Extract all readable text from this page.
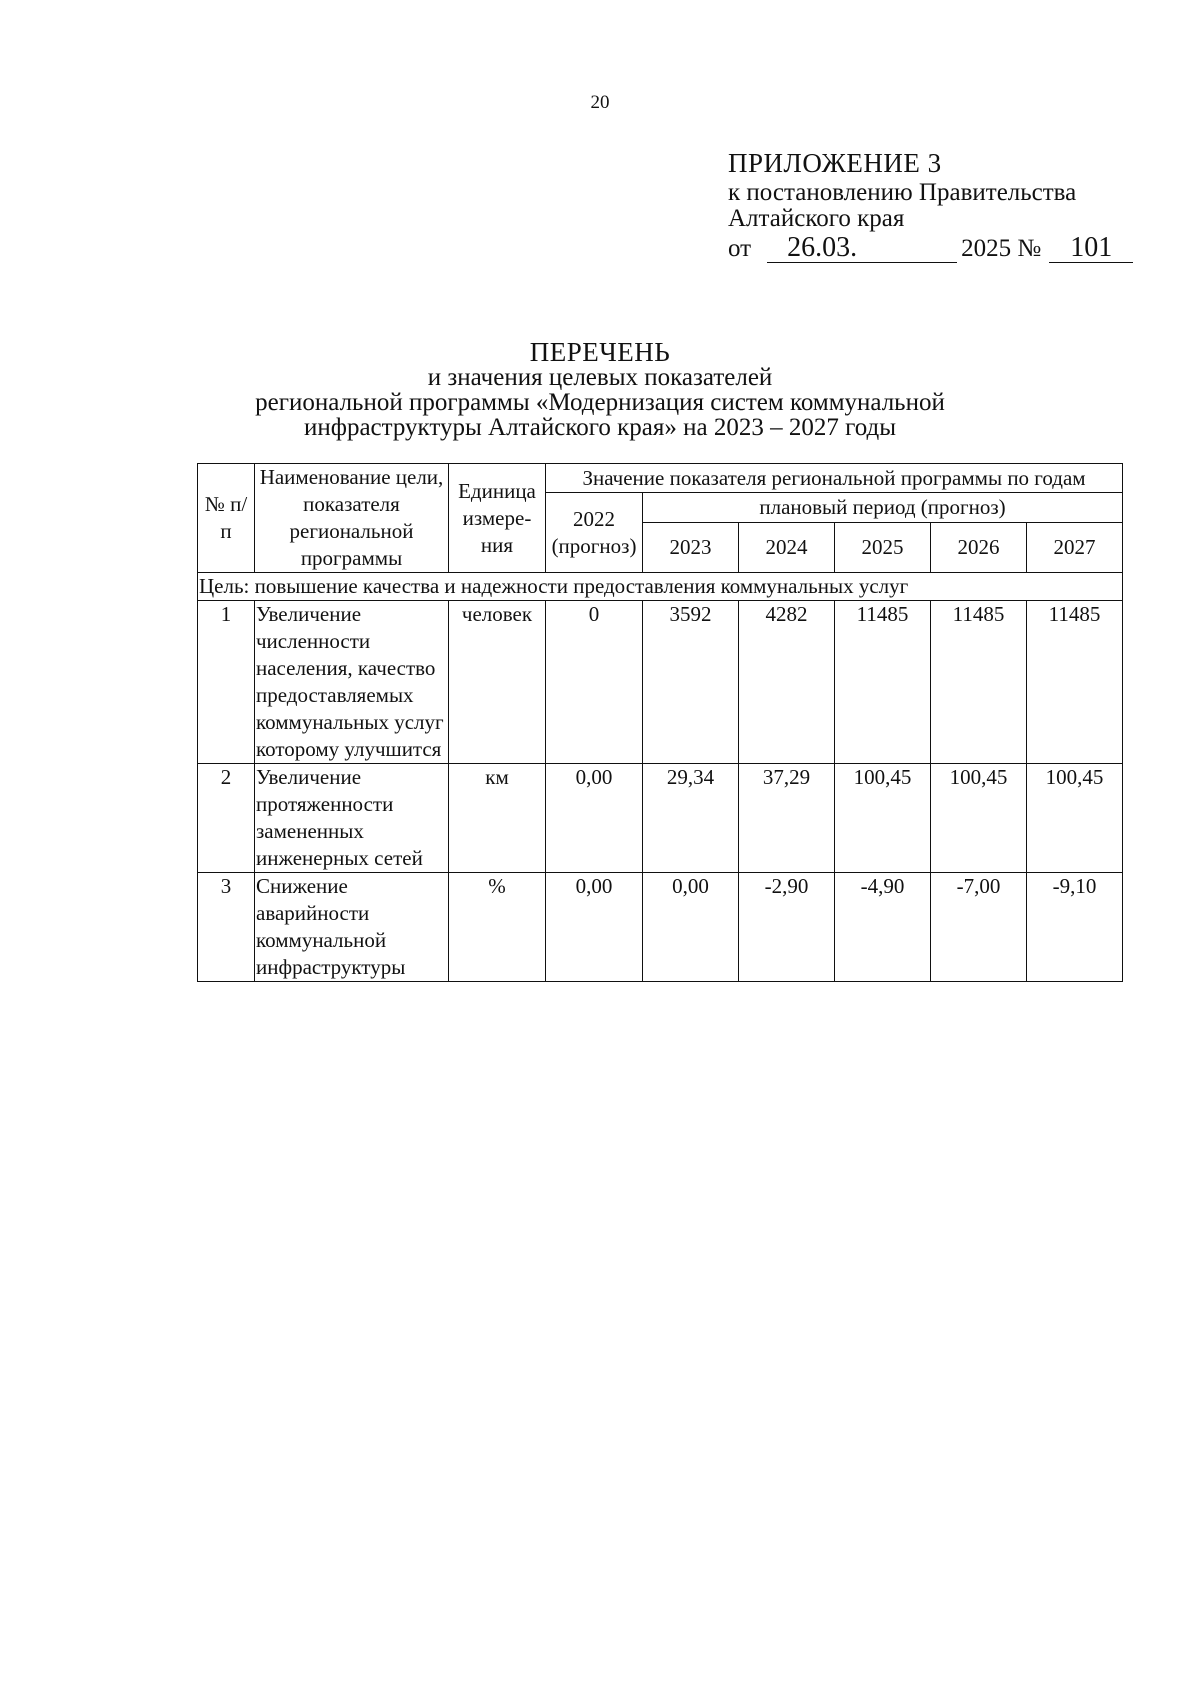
20
ПРИЛОЖЕНИЕ 3
к постановлению Правительства
Алтайского края
от 26.03.	2025 № 101
ПЕРЕЧЕНЬ
и значения целевых показателей
региональной программы «Модернизация систем коммунальной
инфраструктуры Алтайского края» на 2023 – 2027 годы
№ п/п	Наименование цели, показателя региональной программы	Единица измере- ния	Значение показателя региональной программы по годам					
			2022 (прогноз)	плановый период (прогноз)				
				2023	2024	2025	2026	2027
Цель: повышение качества и надежности предоставления коммунальных услуг								
1	Увеличение численности населения, качество предоставляемых коммунальных услуг которому улучшится	человек	0	3592	4282	11485	11485	11485
2	Увеличение протяженности замененных инженерных сетей	км	0,00	29,34	37,29	100,45	100,45	100,45
3	Снижение аварийности коммунальной инфраструктуры	%	0,00	0,00	-2,90	-4,90	-7,00	-9,10
